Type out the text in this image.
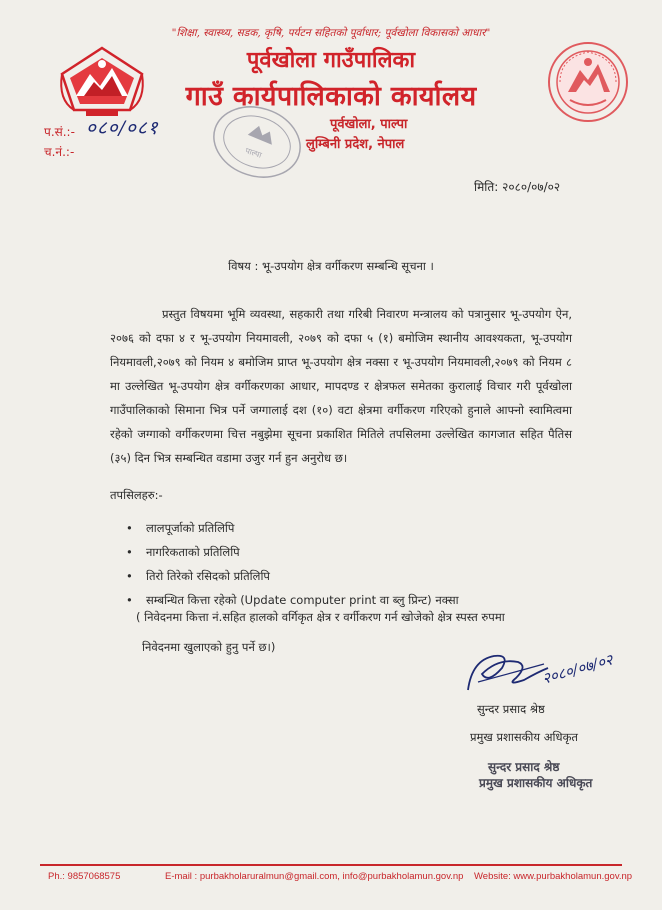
"शिक्षा, स्वास्थ्य, सडक, कृषि, पर्यटन सहितको पूर्वाधार; पूर्वखोला विकासको आधार"
पूर्वखोला गाउँपालिका
गाउँ कार्यपालिकाको कार्यालय
पूर्वखोला, पाल्पा
लुम्बिनी प्रदेश, नेपाल
पाल्पा
प.सं.:- ०८०/०८१
च.नं.:-
मिति: २०८०/०७/०२
विषय : भू-उपयोग क्षेत्र वर्गीकरण सम्बन्धि सूचना ।
प्रस्तुत विषयमा भूमि व्यवस्था, सहकारी तथा गरिबी निवारण मन्त्रालय को पत्रानुसार भू-उपयोग ऐन, २०७६ को दफा ४ र भू-उपयोग नियमावली, २०७९ को दफा ५ (१) बमोजिम स्थानीय आवश्यकता, भू-उपयोग नियमावली,२०७९ को नियम ४ बमोजिम प्राप्त भू-उपयोग क्षेत्र नक्सा र भू-उपयोग नियमावली,२०७९ को नियम ८ मा उल्लेखित भू-उपयोग क्षेत्र वर्गीकरणका आधार, मापदण्ड र क्षेत्रफल समेतका कुरालाई विचार गरी पूर्वखोला गाउँपालिकाको सिमाना भित्र पर्ने जग्गालाई दश (१०) वटा क्षेत्रमा वर्गीकरण गरिएको हुनाले आफ्नो स्वामित्वमा रहेको जग्गाको वर्गीकरणमा चित्त नबुझेमा सूचना प्रकाशित मितिले तपसिलमा उल्लेखित कागजात सहित पैतिस (३५) दिन भित्र सम्बन्धित वडामा उजुर गर्न हुन अनुरोध छ।
तपसिलहरु:-
• लालपूर्जाको प्रतिलिपि
• नागरिकताको प्रतिलिपि
• तिरो तिरेको रसिदको प्रतिलिपि
• सम्बन्धित कित्ता रहेको (Update computer print वा ब्लु प्रिन्ट) नक्सा
( निवेदनमा कित्ता नं.सहित हालको वर्गिकृत क्षेत्र र वर्गीकरण गर्न खोजेको क्षेत्र स्पस्त रुपमा
निवेदनमा खुलाएको हुनु पर्ने छ।)
२०८०/०७/०२
सुन्दर प्रसाद श्रेष्ठ
प्रमुख प्रशासकीय अधिकृत
सुन्दर प्रसाद श्रेष्ठ
प्रमुख प्रशासकीय अधिकृत
Ph.: 9857068575	E-mail : purbakholaruralmun@gmail.com, info@purbakholamun.gov.np Website: www.purbakholamun.gov.np
